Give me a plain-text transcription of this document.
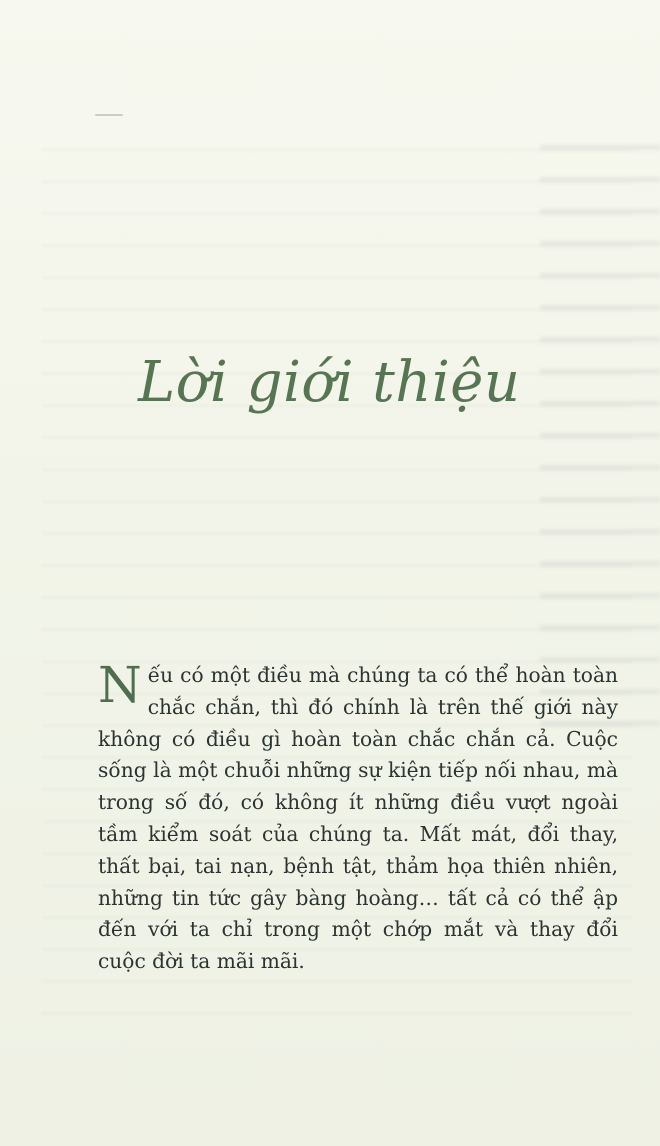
Lời giới thiệu

Nếu có một điều mà chúng ta có thể hoàn toàn chắc chắn, thì đó chính là trên thế giới này không có điều gì hoàn toàn chắc chắn cả. Cuộc sống là một chuỗi những sự kiện tiếp nối nhau, mà trong số đó, có không ít những điều vượt ngoài tầm kiểm soát của chúng ta. Mất mát, đổi thay, thất bại, tai nạn, bệnh tật, thảm họa thiên nhiên, những tin tức gây bàng hoàng… tất cả có thể ập đến với ta chỉ trong một chớp mắt và thay đổi cuộc đời ta mãi mãi.
